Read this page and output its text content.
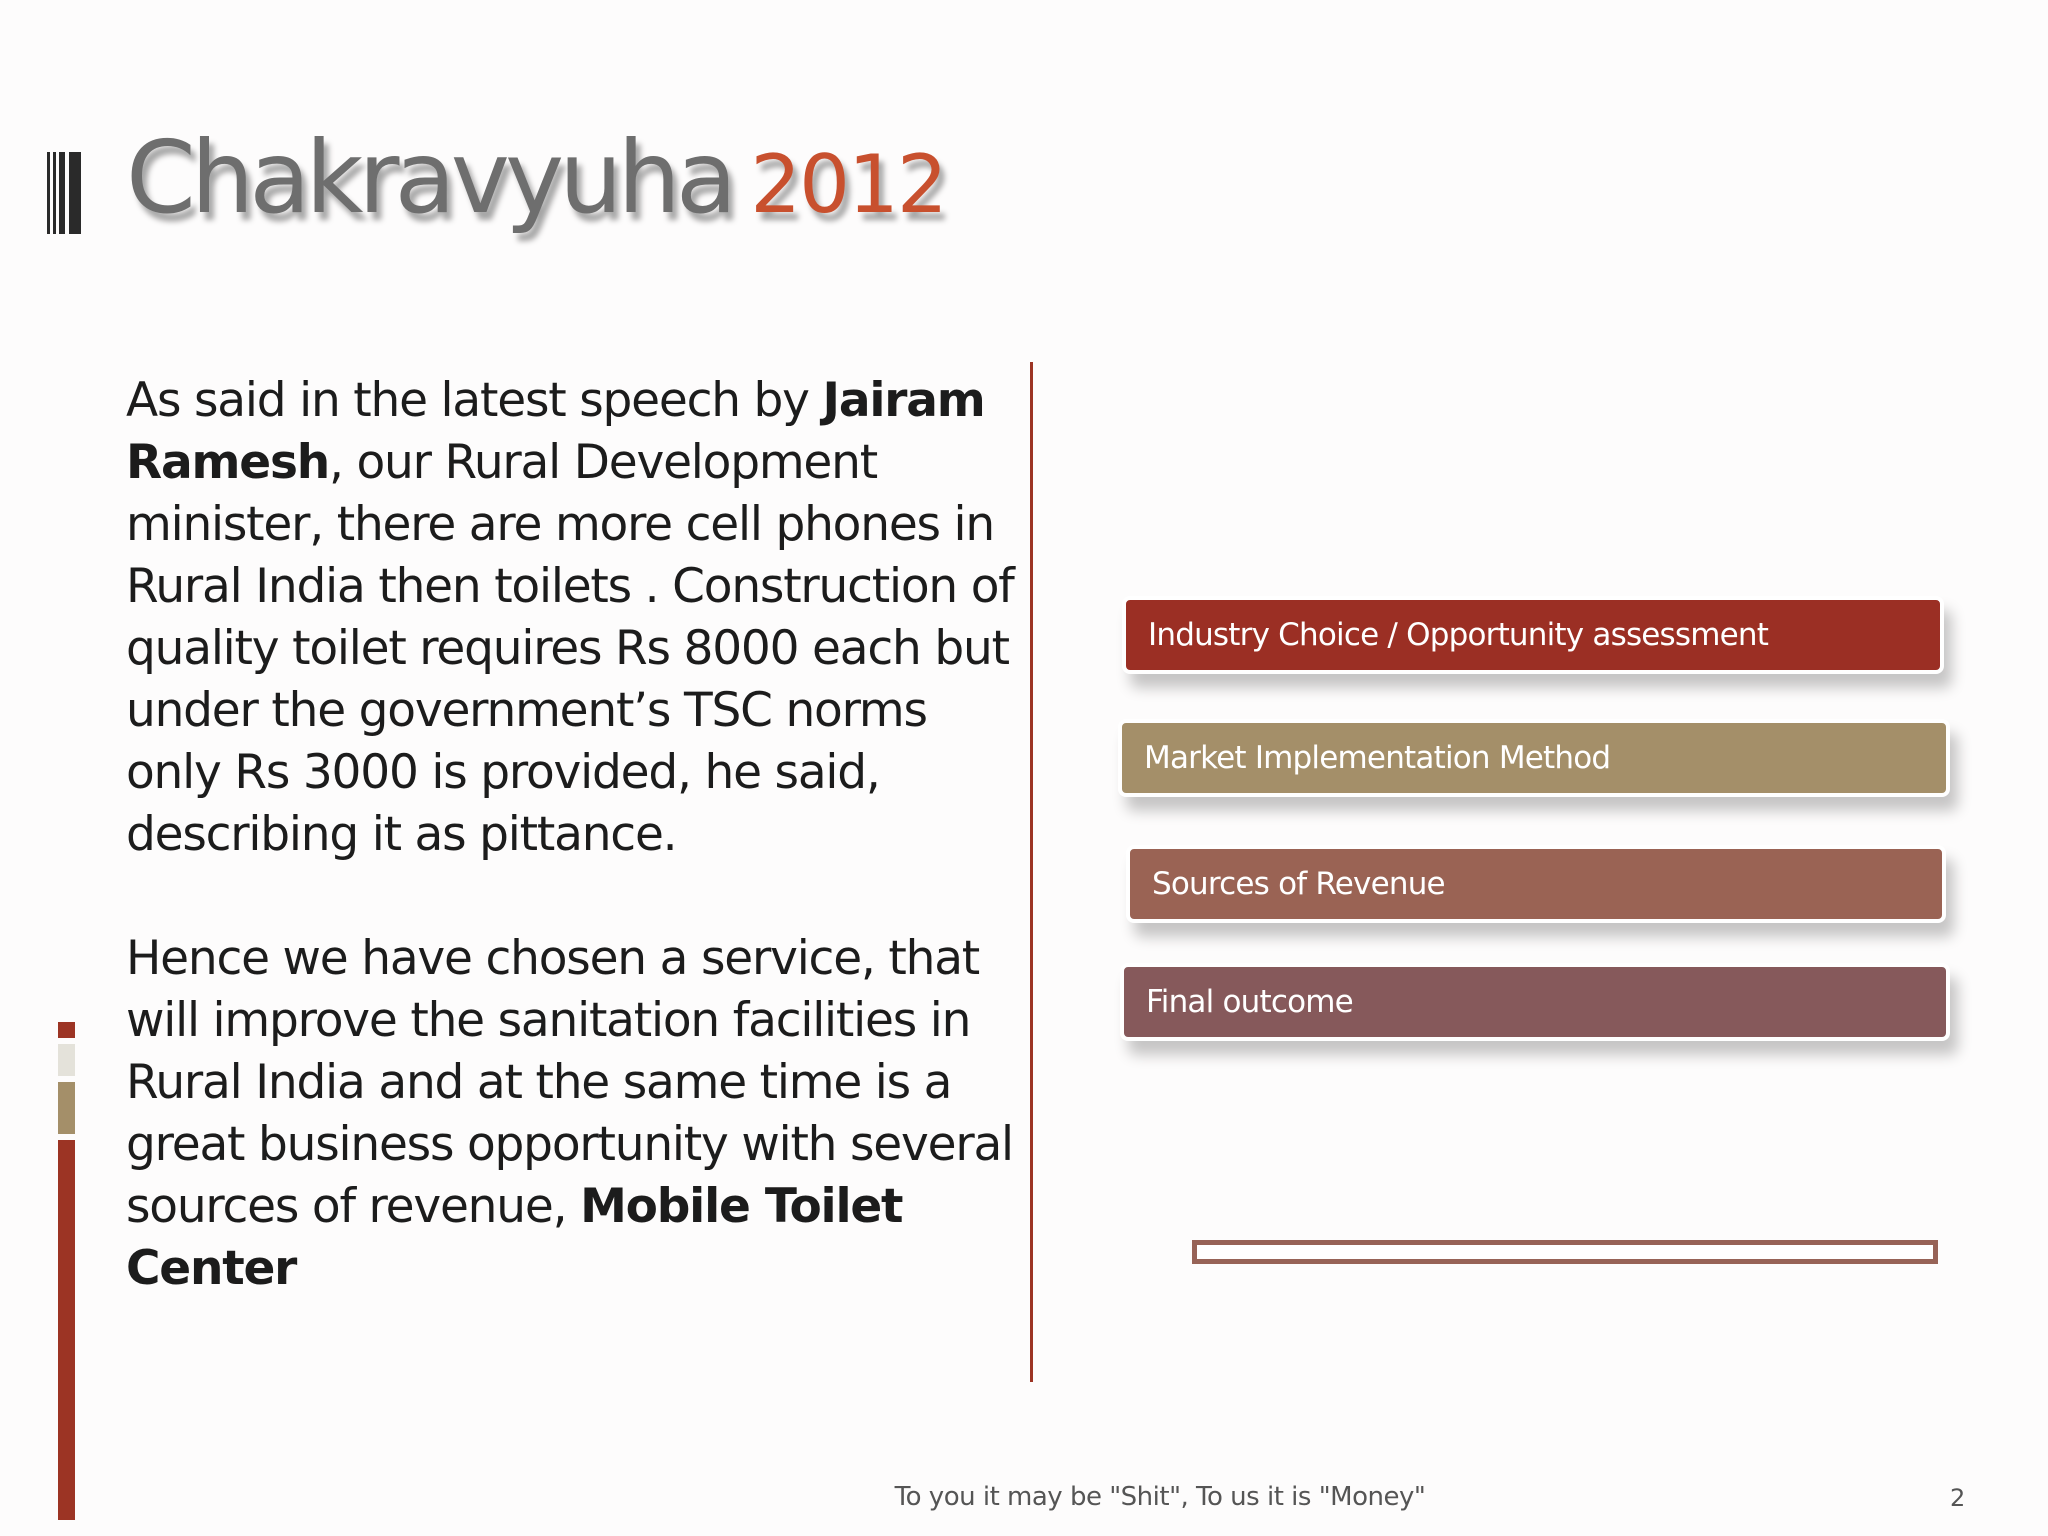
Chakravyuha 2012

As said in the latest speech by Jairam Ramesh, our Rural Development minister, there are more cell phones in Rural India then toilets . Construction of quality toilet requires Rs 8000 each but under the government’s TSC norms only Rs 3000 is provided, he said, describing it as pittance.

Hence we have chosen a service, that will improve the sanitation facilities in Rural India and at the same time is a great business opportunity with several sources of revenue, Mobile Toilet Center

Industry Choice / Opportunity assessment
Market Implementation Method
Sources of Revenue
Final outcome
To you it may be "Shit", To us it is "Money"	2
